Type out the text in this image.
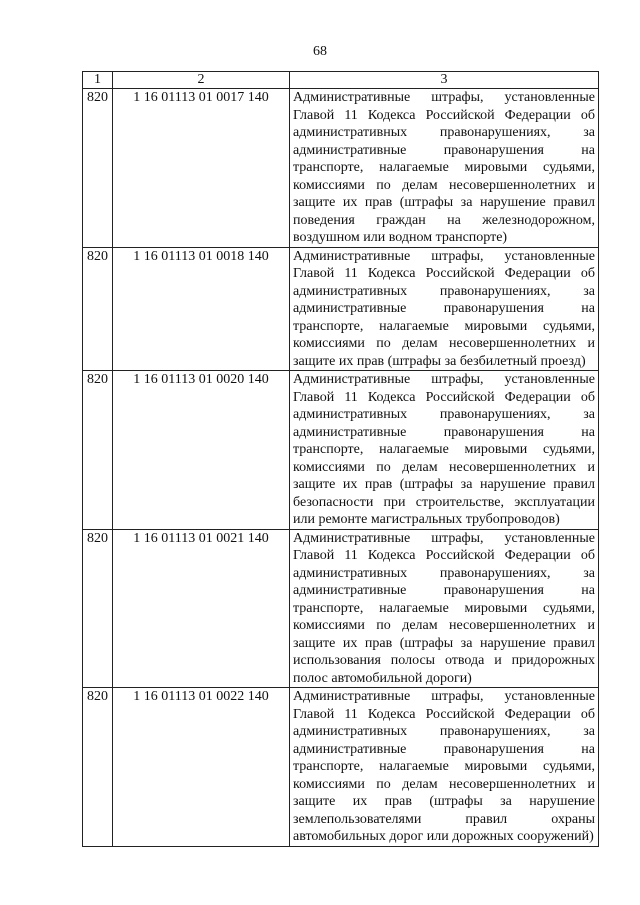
68
1	2	3
820	1 16 01113 01 0017 140	Административные штрафы, установленные Главой 11 Кодекса Российской Федерации об административных правонарушениях, за административные правонарушения на транспорте, налагаемые мировыми судьями, комиссиями по делам несовершеннолетних и защите их прав (штрафы за нарушение правил поведения граждан на железнодорожном, воздушном или водном транспорте)
820	1 16 01113 01 0018 140	Административные штрафы, установленные Главой 11 Кодекса Российской Федерации об административных правонарушениях, за административные правонарушения на транспорте, налагаемые мировыми судьями, комиссиями по делам несовершеннолетних и защите их прав (штрафы за безбилетный проезд)
820	1 16 01113 01 0020 140	Административные штрафы, установленные Главой 11 Кодекса Российской Федерации об административных правонарушениях, за административные правонарушения на транспорте, налагаемые мировыми судьями, комиссиями по делам несовершеннолетних и защите их прав (штрафы за нарушение правил безопасности при строительстве, эксплуатации или ремонте магистральных трубопроводов)
820	1 16 01113 01 0021 140	Административные штрафы, установленные Главой 11 Кодекса Российской Федерации об административных правонарушениях, за административные правонарушения на транспорте, налагаемые мировыми судьями, комиссиями по делам несовершеннолетних и защите их прав (штрафы за нарушение правил использования полосы отвода и придорожных полос автомобильной дороги)
820	1 16 01113 01 0022 140	Административные штрафы, установленные Главой 11 Кодекса Российской Федерации об административных правонарушениях, за административные правонарушения на транспорте, налагаемые мировыми судьями, комиссиями по делам несовершеннолетних и защите их прав (штрафы за нарушение землепользователями правил охраны автомобильных дорог или дорожных сооружений)
